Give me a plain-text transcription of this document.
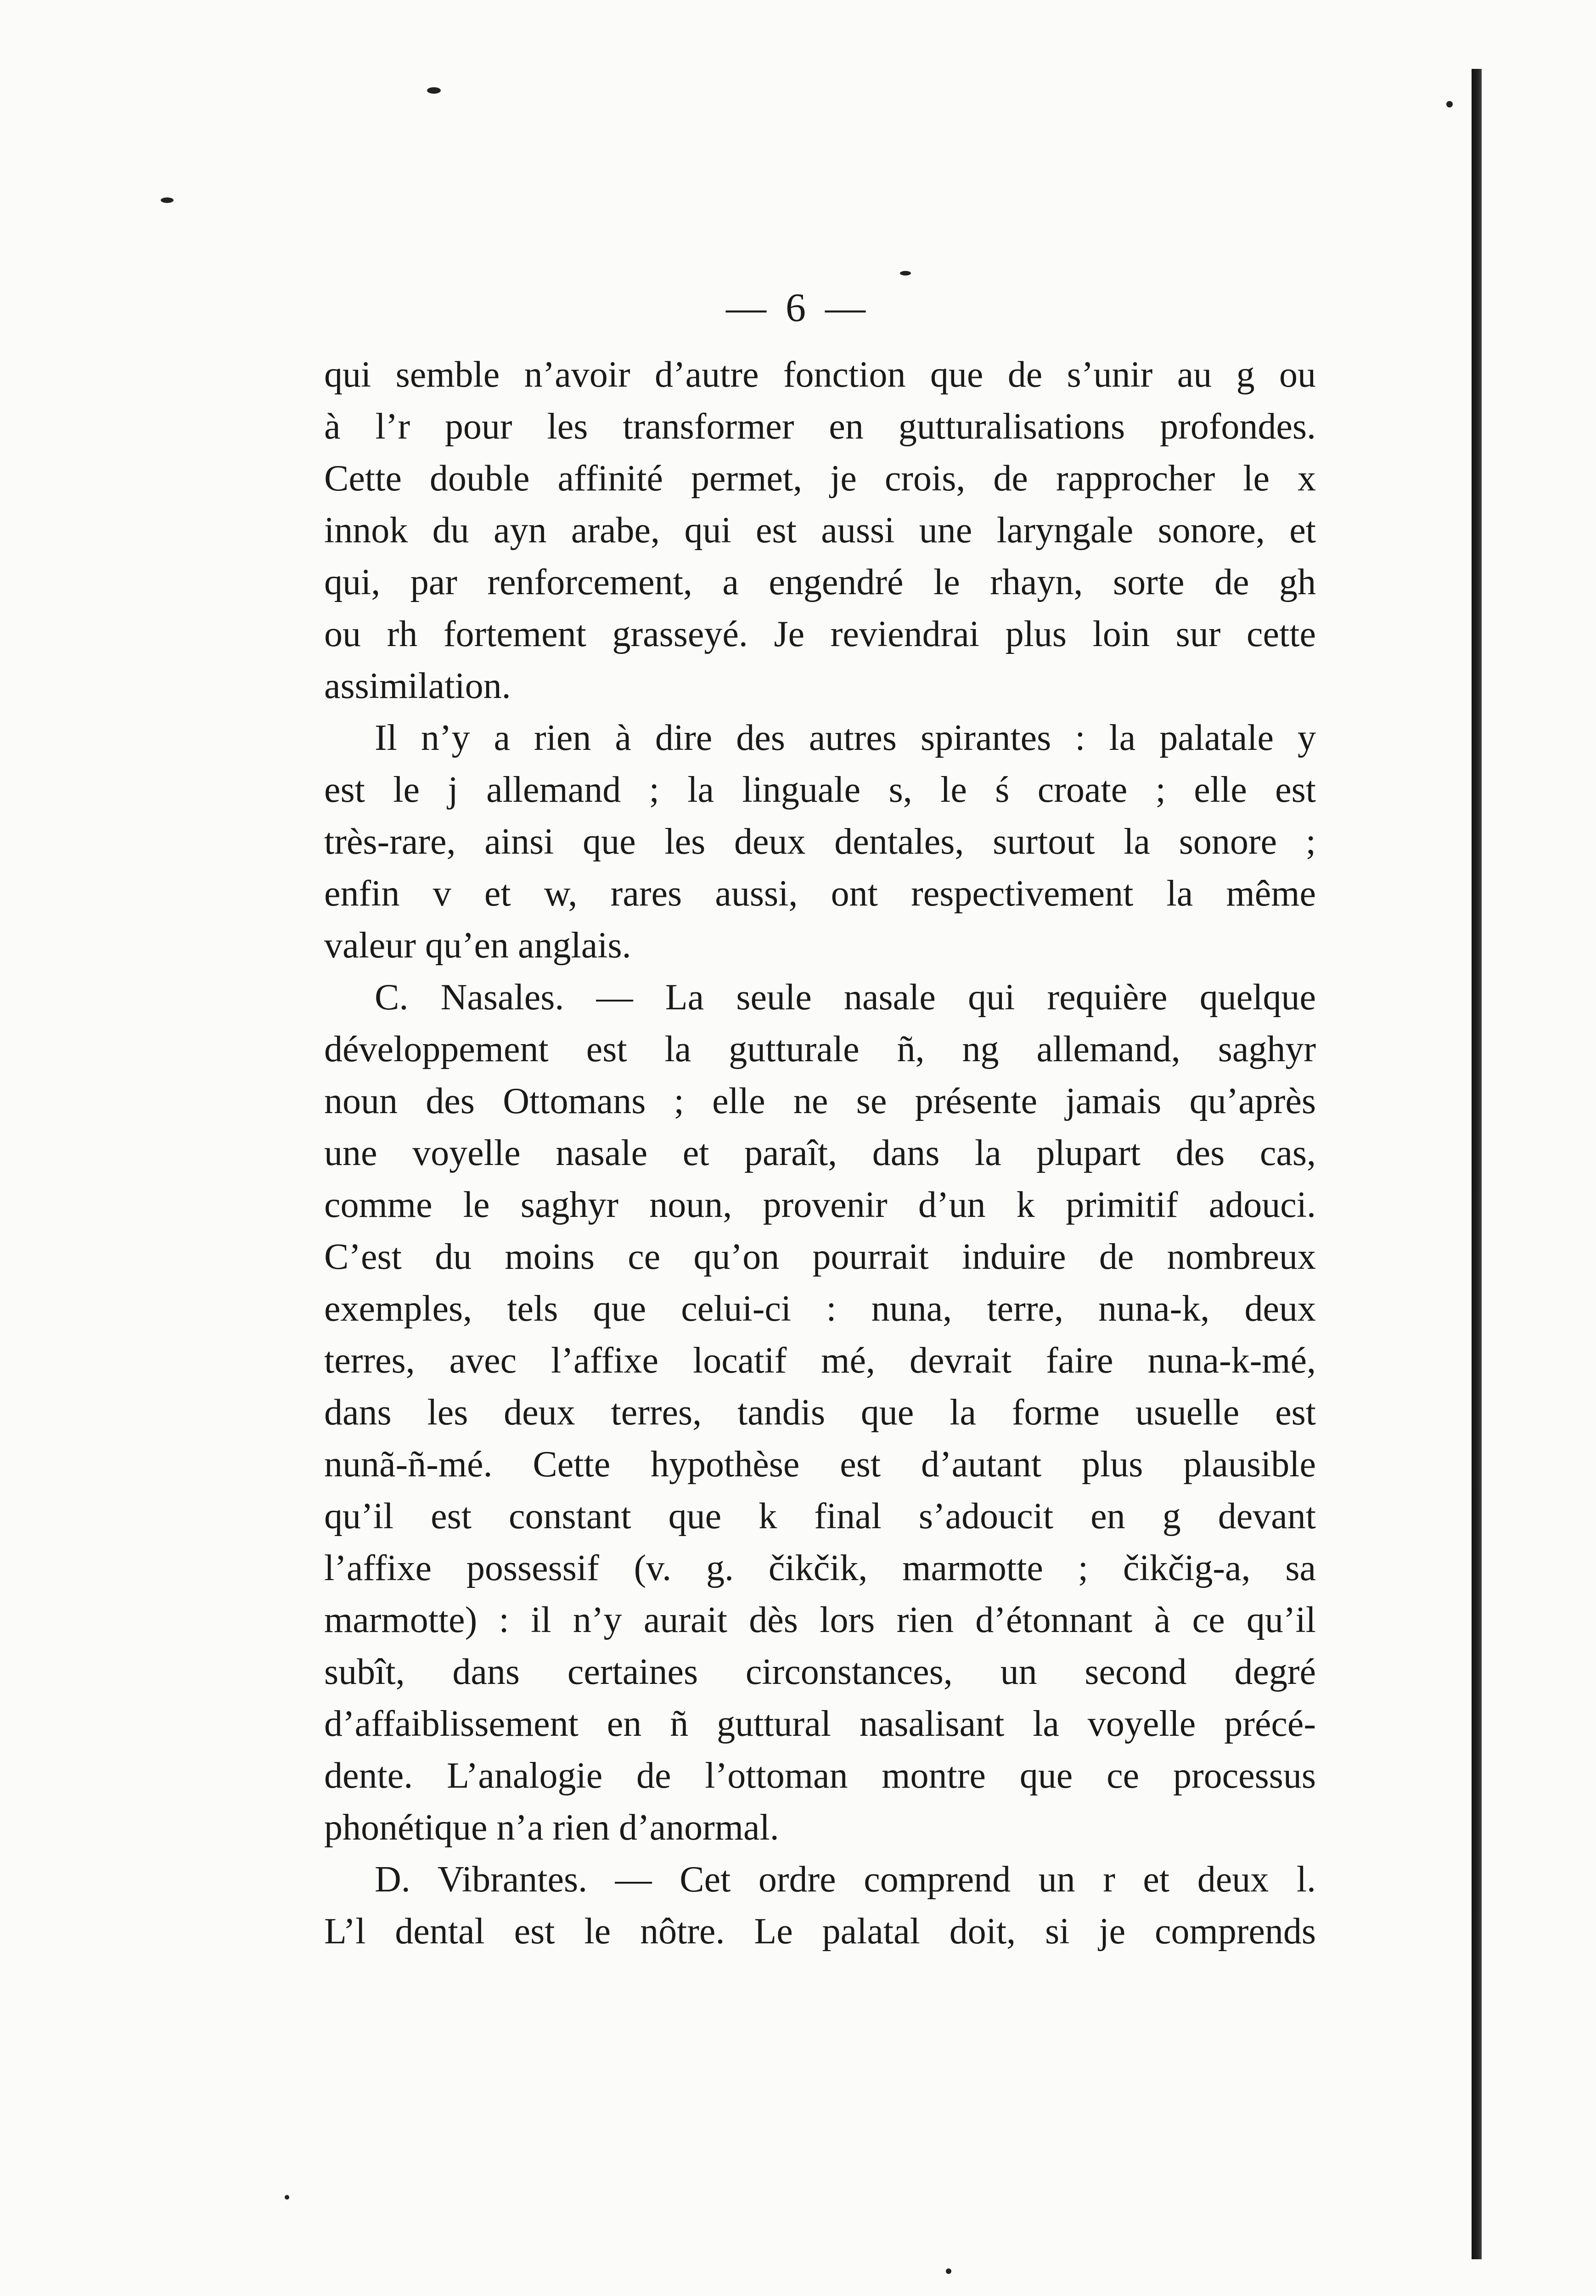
— 6 —
qui semble n’avoir d’autre fonction que de s’unir au g ou
à l’r pour les transformer en gutturalisations profondes.
Cette double affinité permet, je crois, de rapprocher le x
innok du ayn arabe, qui est aussi une laryngale sonore, et
qui, par renforcement, a engendré le rhayn, sorte de gh
ou rh fortement grasseyé. Je reviendrai plus loin sur cette
assimilation.
Il n’y a rien à dire des autres spirantes : la palatale y
est le j allemand ; la linguale s, le ś croate ; elle est
très-rare, ainsi que les deux dentales, surtout la sonore ;
enfin v et w, rares aussi, ont respectivement la même
valeur qu’en anglais.
C. Nasales. — La seule nasale qui requière quelque
développement est la gutturale ñ, ng allemand, saghyr
noun des Ottomans ; elle ne se présente jamais qu’après
une voyelle nasale et paraît, dans la plupart des cas,
comme le saghyr noun, provenir d’un k primitif adouci.
C’est du moins ce qu’on pourrait induire de nombreux
exemples, tels que celui-ci : nuna, terre, nuna-k, deux
terres, avec l’affixe locatif mé, devrait faire nuna-k-mé,
dans les deux terres, tandis que la forme usuelle est
nunã-ñ-mé. Cette hypothèse est d’autant plus plausible
qu’il est constant que k final s’adoucit en g devant
l’affixe possessif (v. g. čikčik, marmotte ; čikčig-a, sa
marmotte) : il n’y aurait dès lors rien d’étonnant à ce qu’il
subît, dans certaines circonstances, un second degré
d’affaiblissement en ñ guttural nasalisant la voyelle précé-
dente. L’analogie de l’ottoman montre que ce processus
phonétique n’a rien d’anormal.
D. Vibrantes. — Cet ordre comprend un r et deux l.
L’l dental est le nôtre. Le palatal doit, si je comprends
